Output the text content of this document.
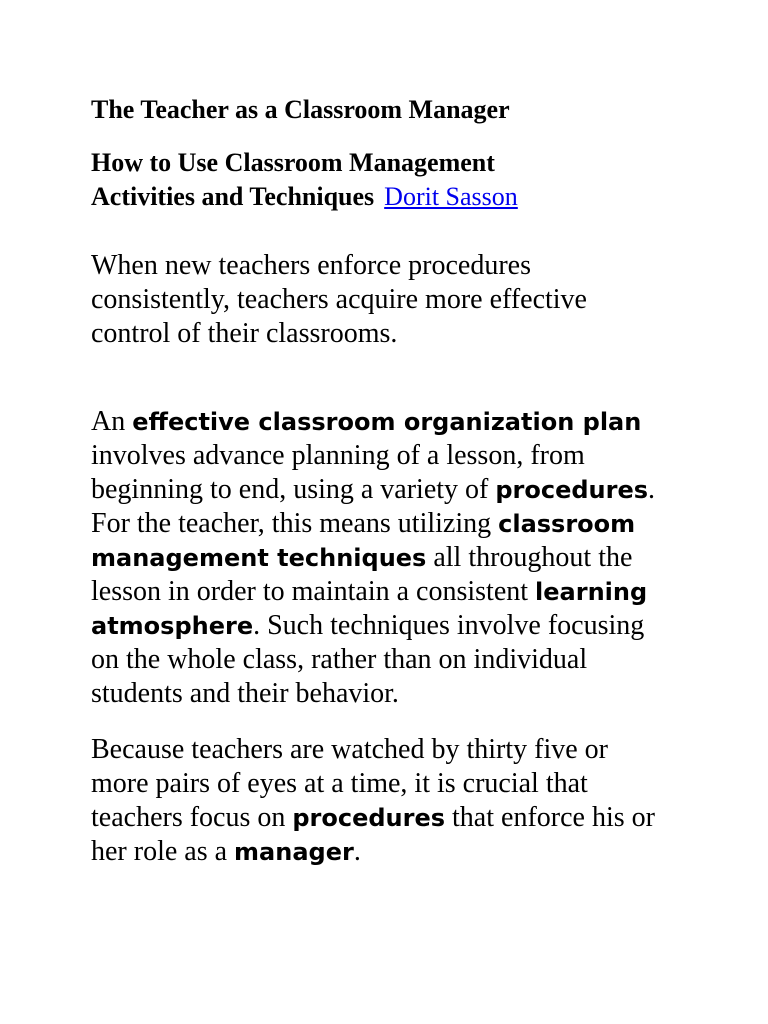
The Teacher as a Classroom Manager
How to Use Classroom Management
Activities and Techniques Dorit Sasson

When new teachers enforce procedures
consistently, teachers acquire more effective
control of their classrooms.

An effective classroom organization plan
involves advance planning of a lesson, from
beginning to end, using a variety of procedures.
For the teacher, this means utilizing classroom
management techniques all throughout the
lesson in order to maintain a consistent learning
atmosphere. Such techniques involve focusing
on the whole class, rather than on individual
students and their behavior.

Because teachers are watched by thirty five or
more pairs of eyes at a time, it is crucial that
teachers focus on procedures that enforce his or
her role as a manager.
